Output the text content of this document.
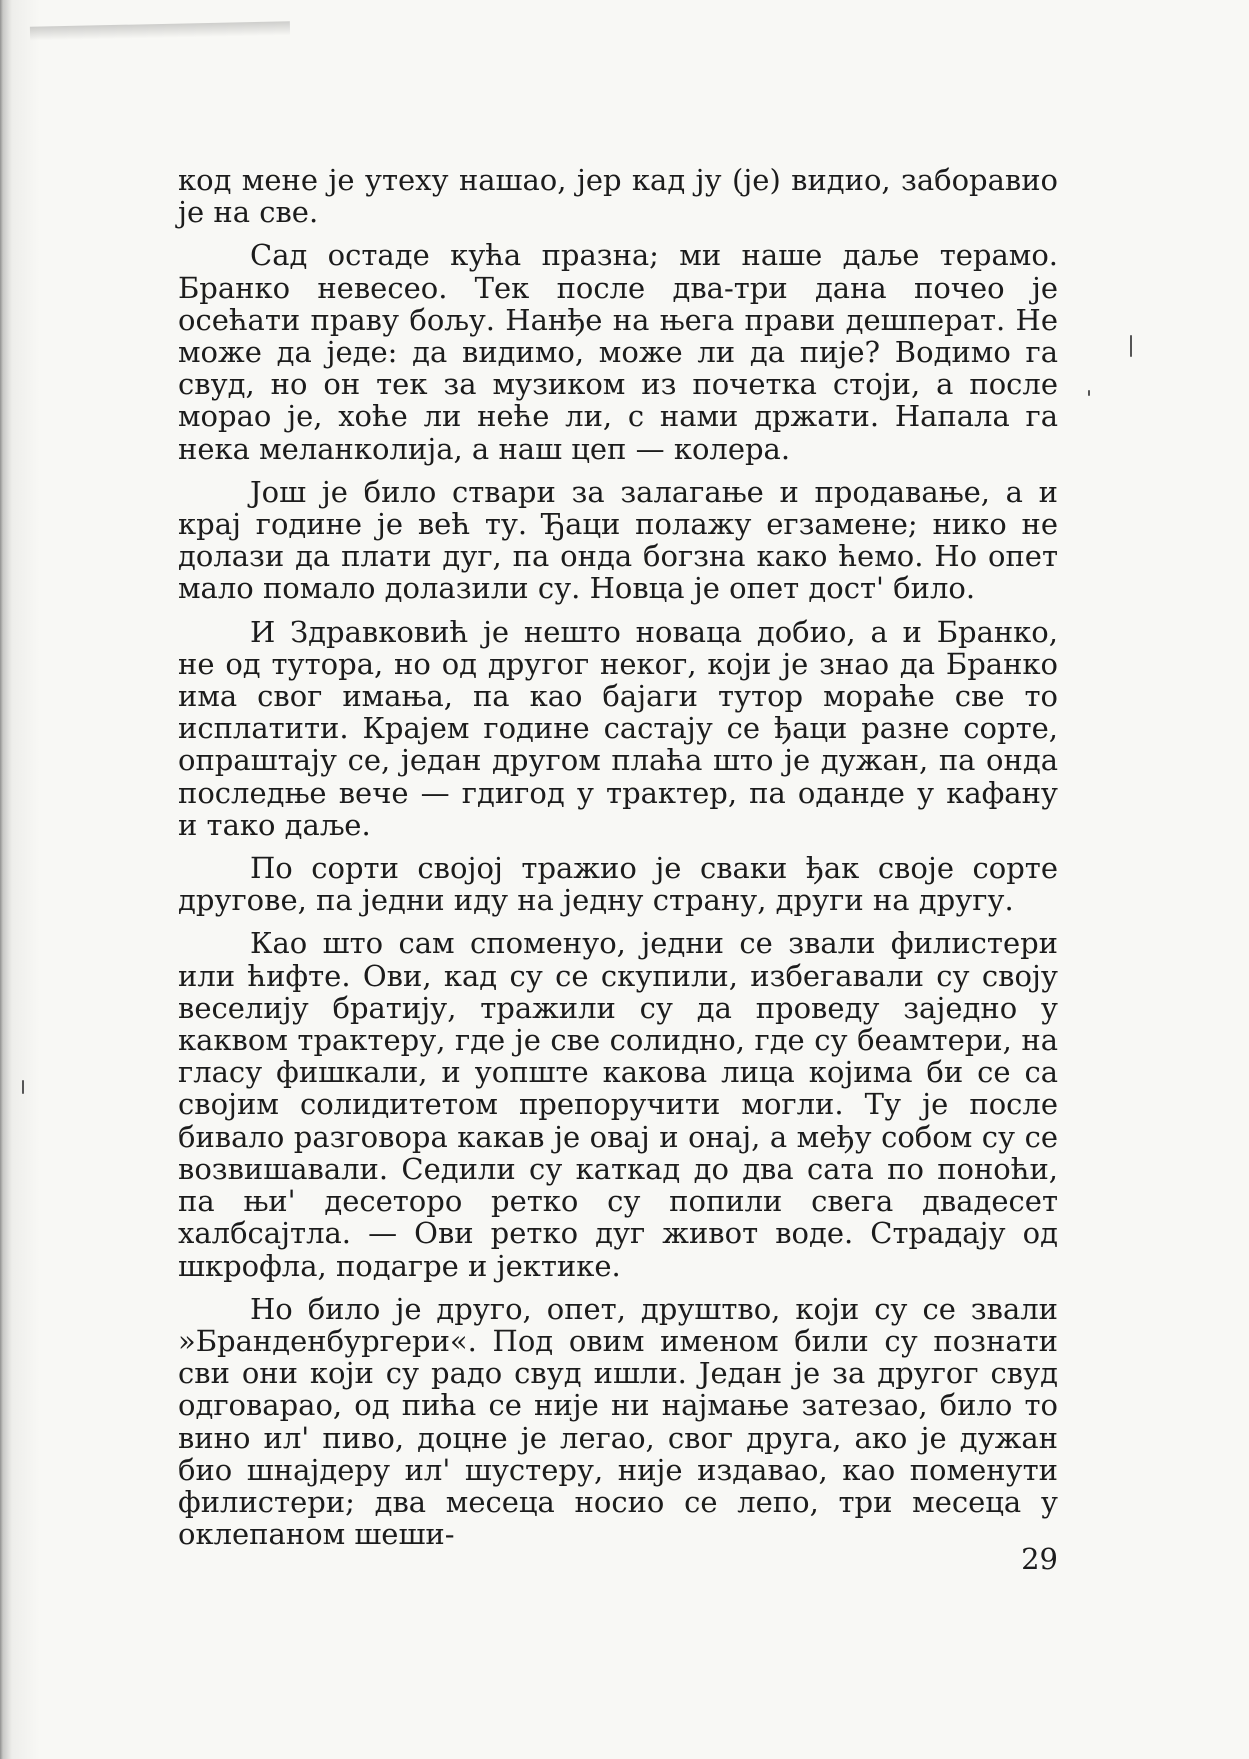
код мене је утеху нашао, јер кад ју (је) видио, заборавио је на све.

Сад остаде кућа празна; ми наше даље терамо. Бранко невесео. Тек после два-три дана почео је осећати праву бољу. Нанђе на њега прави дешперат. Не може да једе: да видимо, може ли да пије? Водимо га свуд, но он тек за музиком из почетка стоји, а после морао је, хоће ли неће ли, с нами држати. Напала га нека меланколија, а наш цеп — колера.

Још је било ствари за залагање и продавање, а и крај године је већ ту. Ђаци полажу егзамене; нико не долази да плати дуг, па онда богзна како ћемо. Но опет мало помало долазили су. Новца је опет дост' било.

И Здравковић је нешто новаца добио, а и Бранко, не од тутора, но од другог неког, који је знао да Бранко има свог имања, па као бајаги тутор мораће све то исплатити. Крајем године састају се ђаци разне сорте, опраштају се, један другом плаћа што је дужан, па онда последње вече — гдигод у трактер, па оданде у кафану и тако даље.

По сорти својој тражио је сваки ђак своје сорте другове, па једни иду на једну страну, други на другу.

Као што сам споменуо, једни се звали филистери или ћифте. Ови, кад су се скупили, избегавали су своју веселију братију, тражили су да проведу заједно у каквом трактеру, где је све солидно, где су беамтери, на гласу фишкали, и уопште какова лица којима би се са својим солидитетом препоручити могли. Ту је после бивало разговора какав је овај и онај, а међу собом су се возвишавали. Седили су каткад до два сата по поноћи, па њи' десеторо ретко су попили свега двадесет халбсајтла. — Ови ретко дуг живот воде. Страдају од шкрофла, подагре и јектике.

Но било је друго, опет, друштво, који су се звали »Бранденбургери«. Под овим именом били су познати сви они који су радо свуд ишли. Један је за другог свуд одговарао, од пића се није ни најмање затезао, било то вино ил' пиво, доцне је легао, свог друга, ако је дужан био шнајдеру ил' шустеру, није издавао, као поменути филистери; два месеца носио се лепо, три месеца у оклепаном шеши-

29
